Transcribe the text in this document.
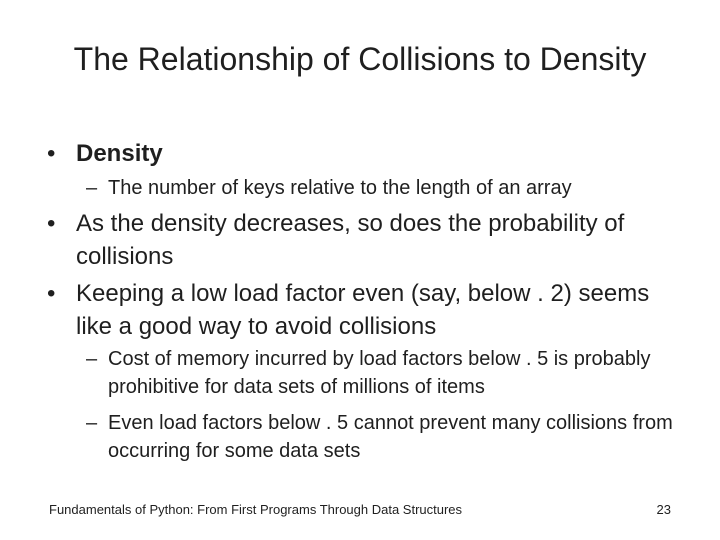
The Relationship of Collisions to Density
• Density
– The number of keys relative to the length of an array
• As the density decreases, so does the probability of collisions
• Keeping a low load factor even (say, below . 2) seems like a good way to avoid collisions
– Cost of memory incurred by load factors below . 5 is probably prohibitive for data sets of millions of items
– Even load factors below . 5 cannot prevent many collisions from occurring for some data sets
Fundamentals of Python: From First Programs Through Data Structures	23
